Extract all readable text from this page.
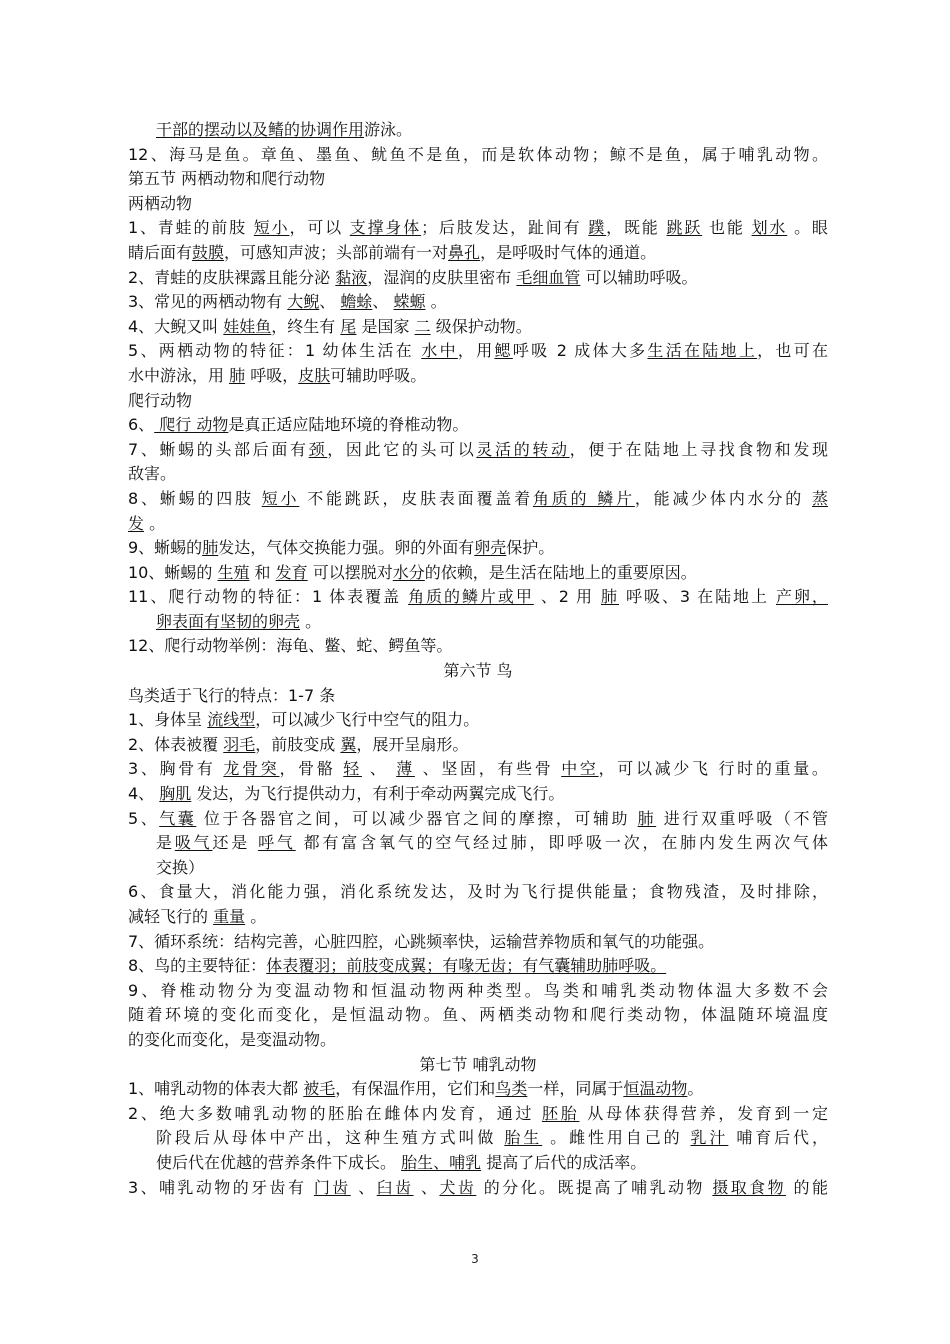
干部的摆动以及鳍的协调作用游泳。
12、海马是鱼。章鱼、墨鱼、鱿鱼不是鱼，而是软体动物；鲸不是鱼，属于哺乳动物。
第五节 两栖动物和爬行动物
两栖动物
1、青蛙的前肢 短小，可以 支撑身体；后肢发达，趾间有 蹼，既能 跳跃 也能 划水 。眼
睛后面有鼓膜，可感知声波；头部前端有一对鼻孔，是呼吸时气体的通道。
2、青蛙的皮肤裸露且能分泌 黏液，湿润的皮肤里密布 毛细血管 可以辅助呼吸。
3、常见的两栖动物有 大鲵、 蟾蜍、 蝾螈 。
4、大鲵又叫 娃娃鱼，终生有 尾 是国家 二 级保护动物。
5、两栖动物的特征：1 幼体生活在 水中，用鳃呼吸 2 成体大多生活在陆地上，也可在
水中游泳，用 肺 呼吸，皮肤可辅助呼吸。
爬行动物
6、 爬行 动物是真正适应陆地环境的脊椎动物。
7、蜥蜴的头部后面有颈，因此它的头可以灵活的转动，便于在陆地上寻找食物和发现
敌害。
8、蜥蜴的四肢 短小 不能跳跃，皮肤表面覆盖着角质的 鳞片，能减少体内水分的 蒸
发 。
9、蜥蜴的肺发达，气体交换能力强。卵的外面有卵壳保护。
10、蜥蜴的 生殖 和 发育 可以摆脱对水分的依赖，是生活在陆地上的重要原因。
11、爬行动物的特征：1 体表覆盖 角质的鳞片或甲 、2 用 肺 呼吸、3 在陆地上 产卵，
卵表面有坚韧的卵壳 。
12、爬行动物举例：海龟、鳖、蛇、鳄鱼等。
第六节 鸟
鸟类适于飞行的特点：1-7 条
1、身体呈 流线型，可以减少飞行中空气的阻力。
2、体表被覆 羽毛，前肢变成 翼，展开呈扇形。
3、胸骨有 龙骨突，骨骼 轻 、 薄 、坚固，有些骨 中空，可以减少飞 行时的重量。
4、 胸肌 发达，为飞行提供动力，有利于牵动两翼完成飞行。
5、气囊 位于各器官之间，可以减少器官之间的摩擦，可辅助 肺 进行双重呼吸（不管
是吸气还是 呼气 都有富含氧气的空气经过肺，即呼吸一次，在肺内发生两次气体
交换）
6、食量大，消化能力强，消化系统发达，及时为飞行提供能量；食物残渣，及时排除，
减轻飞行的 重量 。
7、循环系统：结构完善，心脏四腔，心跳频率快，运输营养物质和氧气的功能强。
8、鸟的主要特征：体表覆羽；前肢变成翼；有喙无齿；有气囊辅助肺呼吸。
9、脊椎动物分为变温动物和恒温动物两种类型。鸟类和哺乳类动物体温大多数不会
随着环境的变化而变化，是恒温动物。鱼、两栖类动物和爬行类动物，体温随环境温度
的变化而变化，是变温动物。
第七节 哺乳动物
1、哺乳动物的体表大都 被毛，有保温作用，它们和鸟类一样，同属于恒温动物。
2、绝大多数哺乳动物的胚胎在雌体内发育，通过 胚胎 从母体获得营养，发育到一定
阶段后从母体中产出，这种生殖方式叫做 胎生 。雌性用自己的 乳汁 哺育后代，
使后代在优越的营养条件下成长。 胎生、哺乳 提高了后代的成活率。
3、哺乳动物的牙齿有 门齿 、臼齿 、犬齿 的分化。既提高了哺乳动物 摄取食物 的能
3
